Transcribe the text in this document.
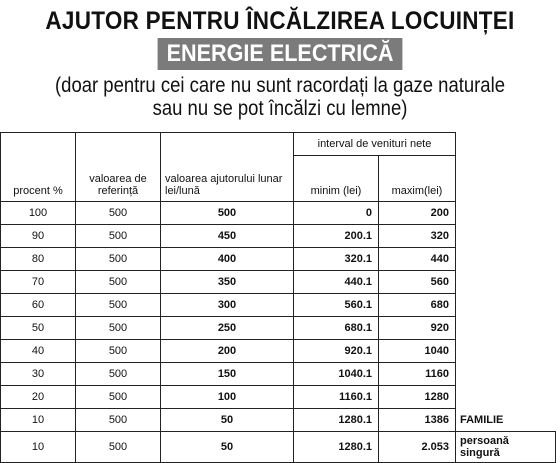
AJUTOR PENTRU ÎNCĂLZIREA LOCUINȚEI
ENERGIE ELECTRICĂ
(doar pentru cei care nu sunt racordați la gaze naturale
sau nu se pot încălzi cu lemne)
procent %	valoarea de referință	valoarea ajutorului lunar lei/lună	interval de venituri nete		
			minim (lei)	maxim(lei)	
100	500	500	0	200	
90	500	450	200.1	320	
80	500	400	320.1	440	
70	500	350	440.1	560	
60	500	300	560.1	680	
50	500	250	680.1	920	
40	500	200	920.1	1040	
30	500	150	1040.1	1160	
20	500	100	1160.1	1280	
10	500	50	1280.1	1386	FAMILIE
10	500	50	1280.1	2.053	persoană
singură
